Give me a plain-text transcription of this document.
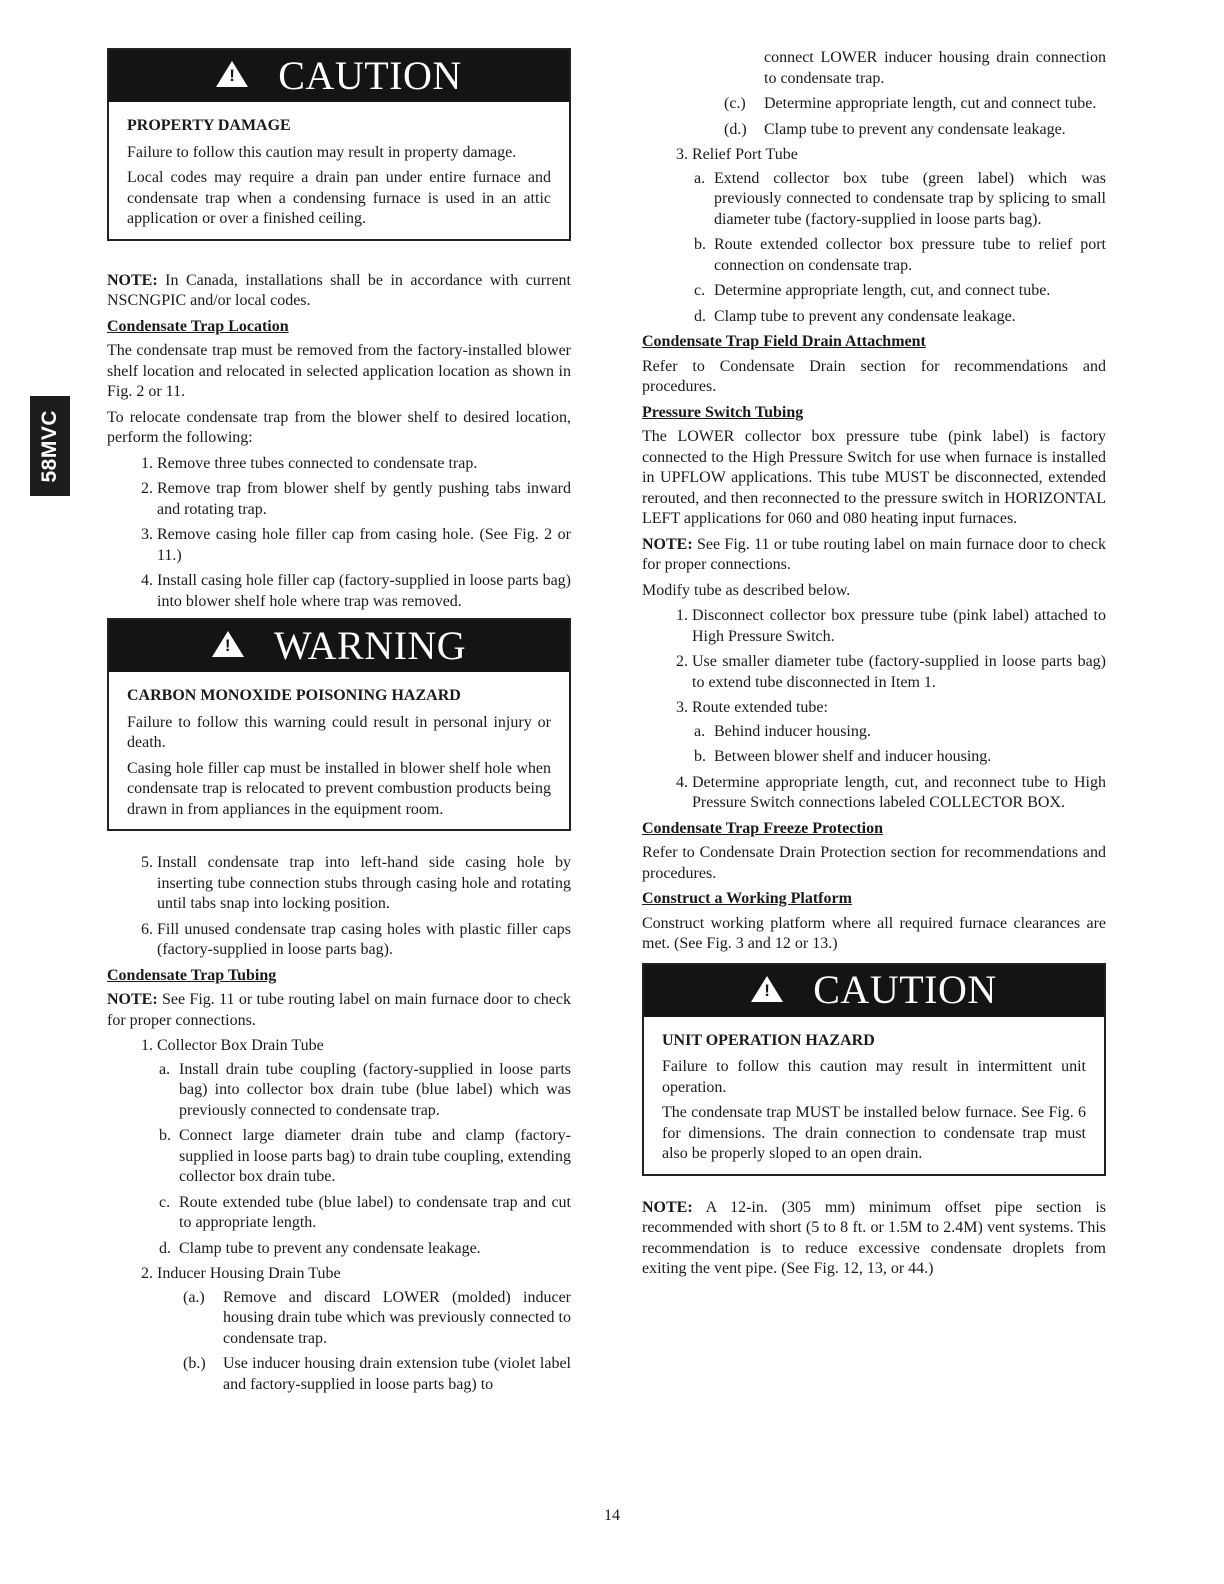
58MVC
!
CAUTION

PROPERTY DAMAGE

Failure to follow this caution may result in property damage.

Local codes may require a drain pan under entire furnace and condensate trap when a condensing furnace is used in an attic application or over a finished ceiling.

NOTE: In Canada, installations shall be in accordance with current NSCNGPIC and/or local codes.

Condensate Trap Location

The condensate trap must be removed from the factory-installed blower shelf location and relocated in selected application location as shown in Fig. 2 or 11.

To relocate condensate trap from the blower shelf to desired location, perform the following:

1. Remove three tubes connected to condensate trap.
2. Remove trap from blower shelf by gently pushing tabs inward and rotating trap.
3. Remove casing hole filler cap from casing hole. (See Fig. 2 or 11.)
4. Install casing hole filler cap (factory-supplied in loose parts bag) into blower shelf hole where trap was removed.
!
WARNING

CARBON MONOXIDE POISONING HAZARD

Failure to follow this warning could result in personal injury or death.

Casing hole filler cap must be installed in blower shelf hole when condensate trap is relocated to prevent combustion products being drawn in from appliances in the equipment room.

5. Install condensate trap into left-hand side casing hole by inserting tube connection stubs through casing hole and rotating until tabs snap into locking position.
6. Fill unused condensate trap casing holes with plastic filler caps (factory-supplied in loose parts bag).

Condensate Trap Tubing

NOTE: See Fig. 11 or tube routing label on main furnace door to check for proper connections.

1. Collector Box Drain Tube
a. Install drain tube coupling (factory-supplied in loose parts bag) into collector box drain tube (blue label) which was previously connected to condensate trap.
b. Connect large diameter drain tube and clamp (factory-supplied in loose parts bag) to drain tube coupling, extending collector box drain tube.
c. Route extended tube (blue label) to condensate trap and cut to appropriate length.
d. Clamp tube to prevent any condensate leakage.
2. Inducer Housing Drain Tube
(a.) Remove and discard LOWER (molded) inducer housing drain tube which was previously connected to condensate trap.
(b.) Use inducer housing drain extension tube (violet label and factory-supplied in loose parts bag) to
connect LOWER inducer housing drain connection to condensate trap.
(c.) Determine appropriate length, cut and connect tube.
(d.) Clamp tube to prevent any condensate leakage.
3. Relief Port Tube
a. Extend collector box tube (green label) which was previously connected to condensate trap by splicing to small diameter tube (factory-supplied in loose parts bag).
b. Route extended collector box pressure tube to relief port connection on condensate trap.
c. Determine appropriate length, cut, and connect tube.
d. Clamp tube to prevent any condensate leakage.

Condensate Trap Field Drain Attachment

Refer to Condensate Drain section for recommendations and procedures.

Pressure Switch Tubing

The LOWER collector box pressure tube (pink label) is factory connected to the High Pressure Switch for use when furnace is installed in UPFLOW applications. This tube MUST be disconnected, extended rerouted, and then reconnected to the pressure switch in HORIZONTAL LEFT applications for 060 and 080 heating input furnaces.

NOTE: See Fig. 11 or tube routing label on main furnace door to check for proper connections.

Modify tube as described below.

1. Disconnect collector box pressure tube (pink label) attached to High Pressure Switch.
2. Use smaller diameter tube (factory-supplied in loose parts bag) to extend tube disconnected in Item 1.
3. Route extended tube:
a. Behind inducer housing.
b. Between blower shelf and inducer housing.
4. Determine appropriate length, cut, and reconnect tube to High Pressure Switch connections labeled COLLECTOR BOX.

Condensate Trap Freeze Protection

Refer to Condensate Drain Protection section for recommendations and procedures.

Construct a Working Platform

Construct working platform where all required furnace clearances are met. (See Fig. 3 and 12 or 13.)

!
CAUTION

UNIT OPERATION HAZARD

Failure to follow this caution may result in intermittent unit operation.

The condensate trap MUST be installed below furnace. See Fig. 6 for dimensions. The drain connection to condensate trap must also be properly sloped to an open drain.

NOTE: A 12-in. (305 mm) minimum offset pipe section is recommended with short (5 to 8 ft. or 1.5M to 2.4M) vent systems. This recommendation is to reduce excessive condensate droplets from exiting the vent pipe. (See Fig. 12, 13, or 44.)

14
